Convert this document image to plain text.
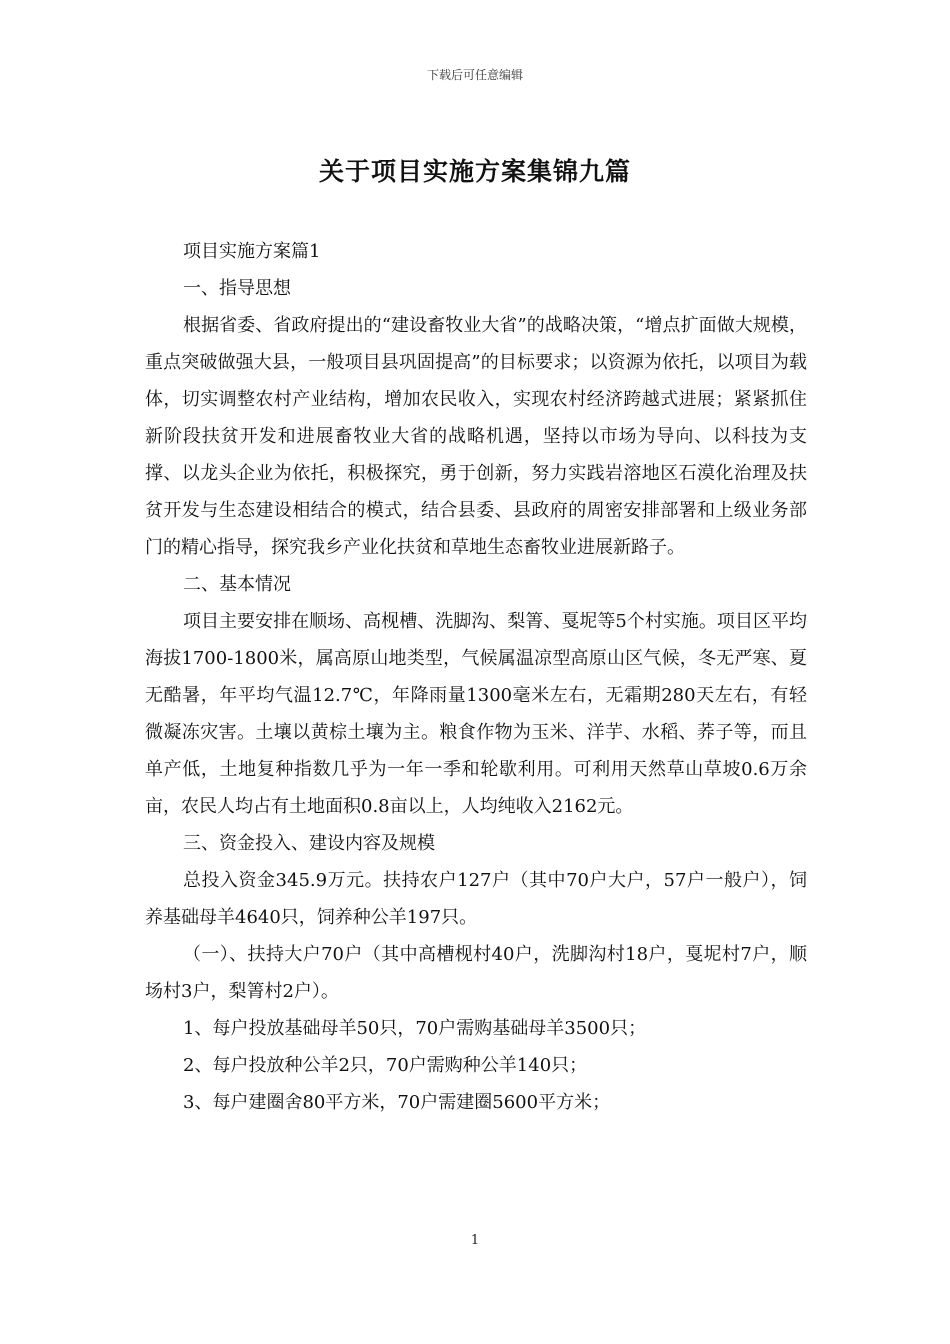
下载后可任意编辑
关于项目实施方案集锦九篇

项目实施方案篇1

一、指导思想

根据省委、省政府提出的“建设畜牧业大省”的战略决策，“增点扩面做大规模，重点突破做强大县，一般项目县巩固提高”的目标要求；以资源为依托，以项目为载体，切实调整农村产业结构，增加农民收入，实现农村经济跨越式进展；紧紧抓住新阶段扶贫开发和进展畜牧业大省的战略机遇，坚持以市场为导向、以科技为支撑、以龙头企业为依托，积极探究，勇于创新，努力实践岩溶地区石漠化治理及扶贫开发与生态建设相结合的模式，结合县委、县政府的周密安排部署和上级业务部门的精心指导，探究我乡产业化扶贫和草地生态畜牧业进展新路子。

二、基本情况

项目主要安排在顺场、高枧槽、洗脚沟、梨箐、戛坭等5个村实施。项目区平均海拔1700-1800米，属高原山地类型，气候属温凉型高原山区气候，冬无严寒、夏无酷暑，年平均气温12.7℃，年降雨量1300毫米左右，无霜期280天左右，有轻微凝冻灾害。土壤以黄棕土壤为主。粮食作物为玉米、洋芋、水稻、荞子等，而且单产低，土地复种指数几乎为一年一季和轮歇利用。可利用天然草山草坡0.6万余亩，农民人均占有土地面积0.8亩以上，人均纯收入2162元。

三、资金投入、建设内容及规模

总投入资金345.9万元。扶持农户127户（其中70户大户，57户一般户），饲养基础母羊4640只，饲养种公羊197只。

（一）、扶持大户70户（其中高槽枧村40户，洗脚沟村18户，戛坭村7户，顺场村3户，梨箐村2户）。

1、每户投放基础母羊50只，70户需购基础母羊3500只；

2、每户投放种公羊2只，70户需购种公羊140只；

3、每户建圈舍80平方米，70户需建圈5600平方米；

1
